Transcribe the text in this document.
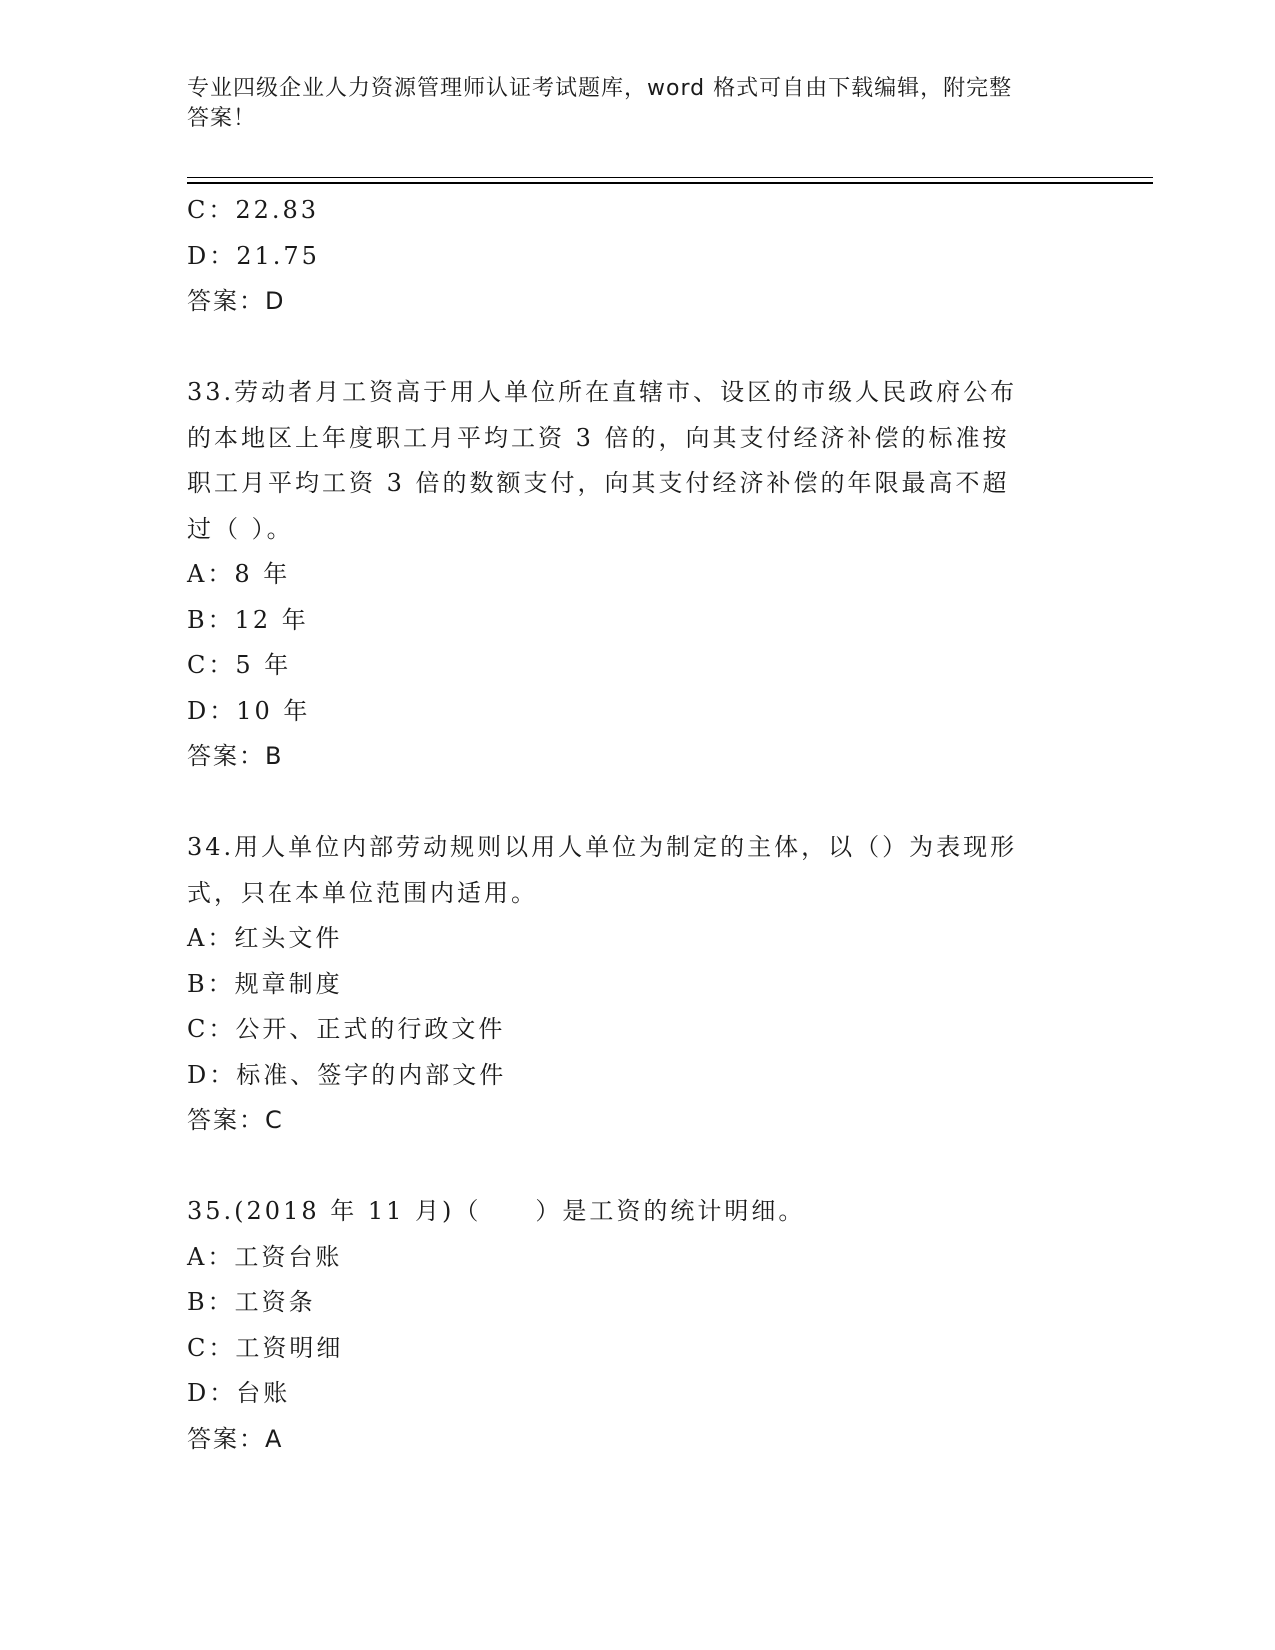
专业四级企业人力资源管理师认证考试题库，word 格式可自由下载编辑，附完整
答案！
C：22.83
D：21.75
答案：D
33.劳动者月工资高于用人单位所在直辖市、设区的市级人民政府公布
的本地区上年度职工月平均工资 3 倍的，向其支付经济补偿的标准按
职工月平均工资 3 倍的数额支付，向其支付经济补偿的年限最高不超
过（ ）。
A：8 年
B：12 年
C：5 年
D：10 年
答案：B
34.用人单位内部劳动规则以用人单位为制定的主体，以（）为表现形
式，只在本单位范围内适用。
A：红头文件
B：规章制度
C：公开、正式的行政文件
D：标准、签字的内部文件
答案：C
35.(2018 年 11 月)（　　）是工资的统计明细。
A：工资台账
B：工资条
C：工资明细
D：台账
答案：A
